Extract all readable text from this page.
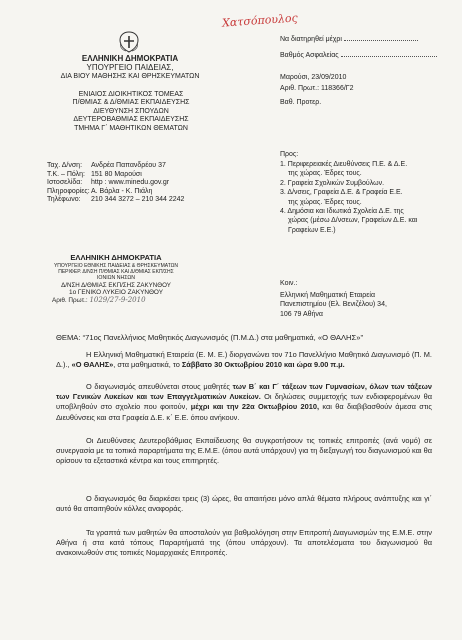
Χατσόπουλος
ΕΛΛΗΝΙΚΗ ΔΗΜΟΚΡΑΤΙΑ
ΥΠΟΥΡΓΕΙΟ ΠΑΙΔΕΙΑΣ,
ΔΙΑ ΒΙΟΥ ΜΑΘΗΣΗΣ ΚΑΙ ΘΡΗΣΚΕΥΜΑΤΩΝ
ΕΝΙΑΙΟΣ ΔΙΟΙΚΗΤΙΚΟΣ ΤΟΜΕΑΣ
Π/ΘΜΙΑΣ & Δ/ΘΜΙΑΣ ΕΚΠΑΙΔΕΥΣΗΣ
ΔΙΕΥΘΥΝΣΗ ΣΠΟΥΔΩΝ
ΔΕΥΤΕΡΟΒΑΘΜΙΑΣ ΕΚΠΑΙΔΕΥΣΗΣ
ΤΜΗΜΑ Γ΄ ΜΑΘΗΤΙΚΩΝ ΘΕΜΑΤΩΝ
Ταχ. Δ/νση: Ανδρέα Παπανδρέου 37
Τ.Κ. – Πόλη: 151 80 Μαρούσι
Ιστοσελίδα: http : www.minedu.gov.gr
Πληροφορίες:Α. Βάρλα - Κ. Πιάλη
Τηλέφωνο: 210 344 3272 – 210 344 2242
Να διατηρηθεί μέχρι
Βαθμός Ασφαλείας
Μαρούσι, 23/09/2010
Αριθ. Πρωτ.: 118366/Γ2
Βαθ. Προτερ.
Προς:
1. Περιφερειακές Διευθύνσεις Π.Ε. & Δ.Ε.
της χώρας. Έδρες τους.
2. Γραφεία Σχολικών Συμβούλων.
3. Δ/νσεις, Γραφεία Δ.Ε. & Γραφεία Ε.Ε.
της χώρας. Έδρες τους.
4. Δημόσια και Ιδιωτικά Σχολεία Δ.Ε. της
χώρας (μέσω Δ/νσεων, Γραφείων Δ.Ε. και
Γραφείων Ε.Ε.)
ΕΛΛΗΝΙΚΗ ΔΗΜΟΚΡΑΤΙΑ
ΥΠΟΥΡΓΕΙΟ ΕΘΝΙΚΗΣ ΠΑΙΔΕΙΑΣ & ΘΡΗΣΚΕΥΜΑΤΩΝ
ΠΕΡΙΦΕΡ. Δ/ΝΣΗ Π/ΘΜΙΑΣ ΚΑΙ Δ/ΘΜΙΑΣ ΕΚΠ/ΣΗΣ
ΙΟΝΙΩΝ ΝΗΣΩΝ
Δ/ΝΣΗ Δ/ΘΜΙΑΣ ΕΚΠ/ΣΗΣ ΖΑΚΥΝΘΟΥ
1ο ΓΕΝΙΚΟ ΛΥΚΕΙΟ ΖΑΚΥΝΘΟΥ
Αριθ. Πρωτ.: 1029/27-9-2010
Κοιν.:
Ελληνική Μαθηματική Εταιρεία
Πανεπιστημίου (Ελ. Βενιζέλου) 34,
106 79 Αθήνα
ΘΕΜΑ: “71ος Πανελλήνιος Μαθητικός Διαγωνισμός (Π.Μ.Δ.) στα μαθηματικά, «Ο ΘΑΛΗΣ»”

Η Ελληνική Μαθηματική Εταιρεία (Ε. Μ. Ε.) διοργανώνει τον 71ο Πανελλήνιο Μαθητικό Διαγωνισμό (Π. Μ. Δ.)., «Ο ΘΑΛΗΣ», στα μαθηματικά, το Σάββατο 30 Οκτωβρίου 2010 και ώρα 9.00 π.μ.

Ο διαγωνισμός απευθύνεται στους μαθητές των Β΄ και Γ΄ τάξεων των Γυμνασίων, όλων των τάξεων των Γενικών Λυκείων και των Επαγγελματικών Λυκείων. Οι δηλώσεις συμμετοχής των ενδιαφερομένων θα υποβληθούν στο σχολείο που φοιτούν, μέχρι και την 22α Οκτωβρίου 2010, και θα διαβιβασθούν άμεσα στις Διευθύνσεις και στα Γραφεία Δ.Ε. κ΄ Ε.Ε. όπου ανήκουν.

Οι Διευθύνσεις Δευτεροβάθμιας Εκπαίδευσης θα συγκροτήσουν τις τοπικές επιτροπές (ανά νομό) σε συνεργασία με τα τοπικά παραρτήματα της Ε.Μ.Ε. (όπου αυτά υπάρχουν) για τη διεξαγωγή του διαγωνισμού και θα ορίσουν τα εξεταστικά κέντρα και τους επιτηρητές.

Ο διαγωνισμός θα διαρκέσει τρεις (3) ώρες, θα απαιτήσει μόνο απλά θέματα πλήρους ανάπτυξης και γι΄ αυτό θα απαιτηθούν κόλλες αναφοράς.

Τα γραπτά των μαθητών θα αποσταλούν για βαθμολόγηση στην Επιτροπή Διαγωνισμών της Ε.Μ.Ε. στην Αθήνα ή στα κατά τόπους Παραρτήματά της (όπου υπάρχουν). Τα αποτελέσματα του διαγωνισμού θα ανακοινωθούν στις τοπικές Νομαρχιακές Επιτροπές.
